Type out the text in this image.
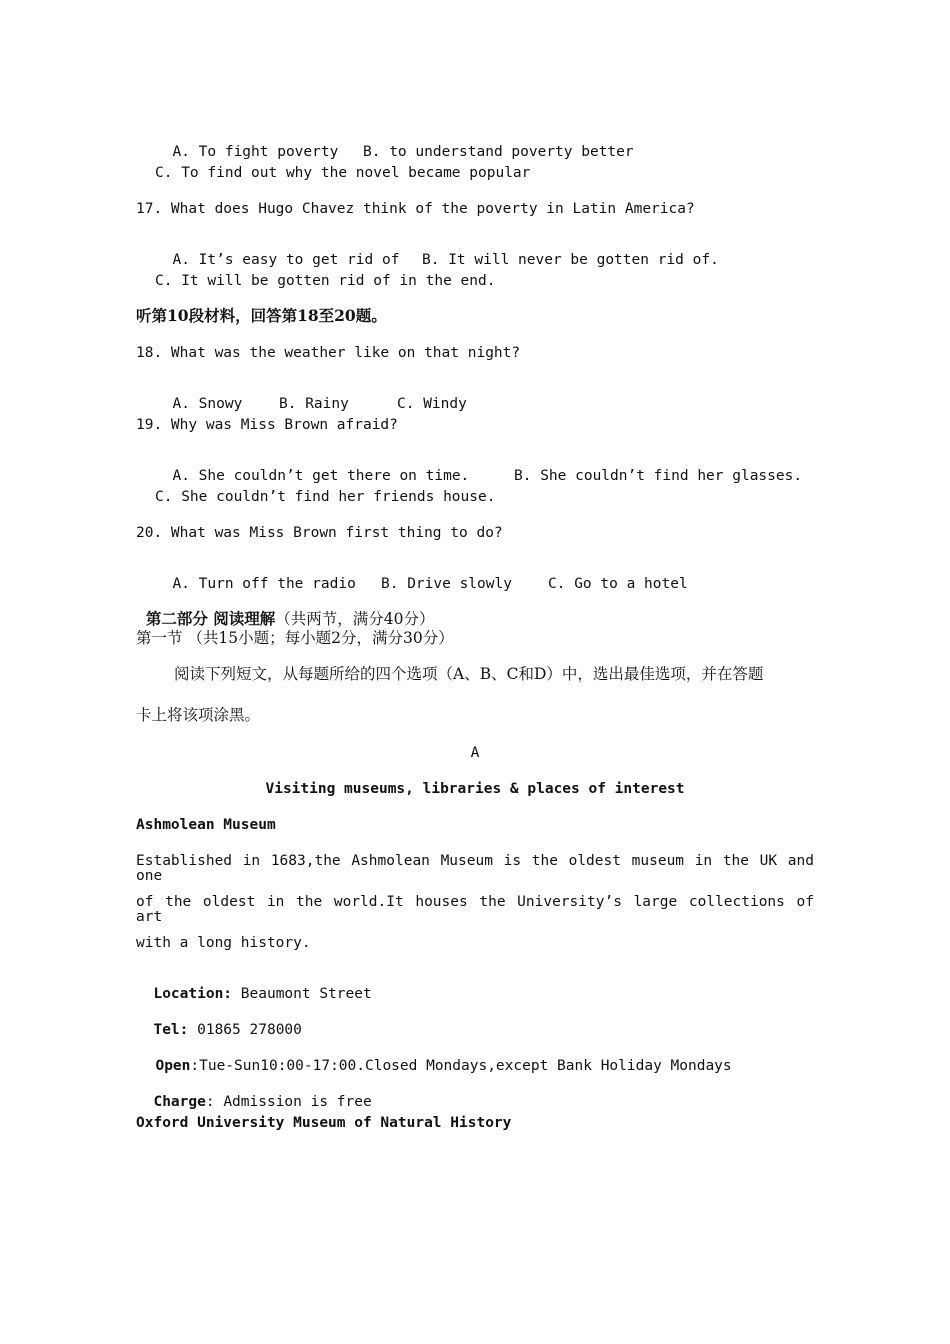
A. To fight poverty B. to understand poverty better

C. To find out why the novel became popular
17. What does Hugo Chavez think of the poverty in Latin America?

A. It’s easy to get rid of B. It will never be gotten rid of.

C. It will be gotten rid of in the end.
听第10段材料，回答第18至20题。
18. What was the weather like on that night?

A. Snowy	B. Rainy	C. Windy

19. Why was Miss Brown afraid?

A. She couldn’t get there on time.	B. She couldn’t find her glasses.

C. She couldn’t find her friends house.
20. What was Miss Brown first thing to do?

A. Turn off the radio B. Drive slowly C. Go to a hotel

第二部分 阅读理解（共两节，满分40分）

第一节 （共15小题；每小题2分，满分30分）
阅读下列短文，从每题所给的四个选项（A、B、C和D）中，选出最佳选项，并在答题
卡上将该项涂黑。
A
Visiting museums, libraries & places of interest
Ashmolean Museum
Established in 1683,the Ashmolean Museum is the oldest museum in the UK and one
of the oldest in the world.It houses the University’s large collections of art
with a long history.

Location: Beaumont Street

Tel: 01865 278000

Open:Tue-Sun10:00-17:00.Closed Mondays,except Bank Holiday Mondays

Charge: Admission is free

Oxford University Museum of Natural History
